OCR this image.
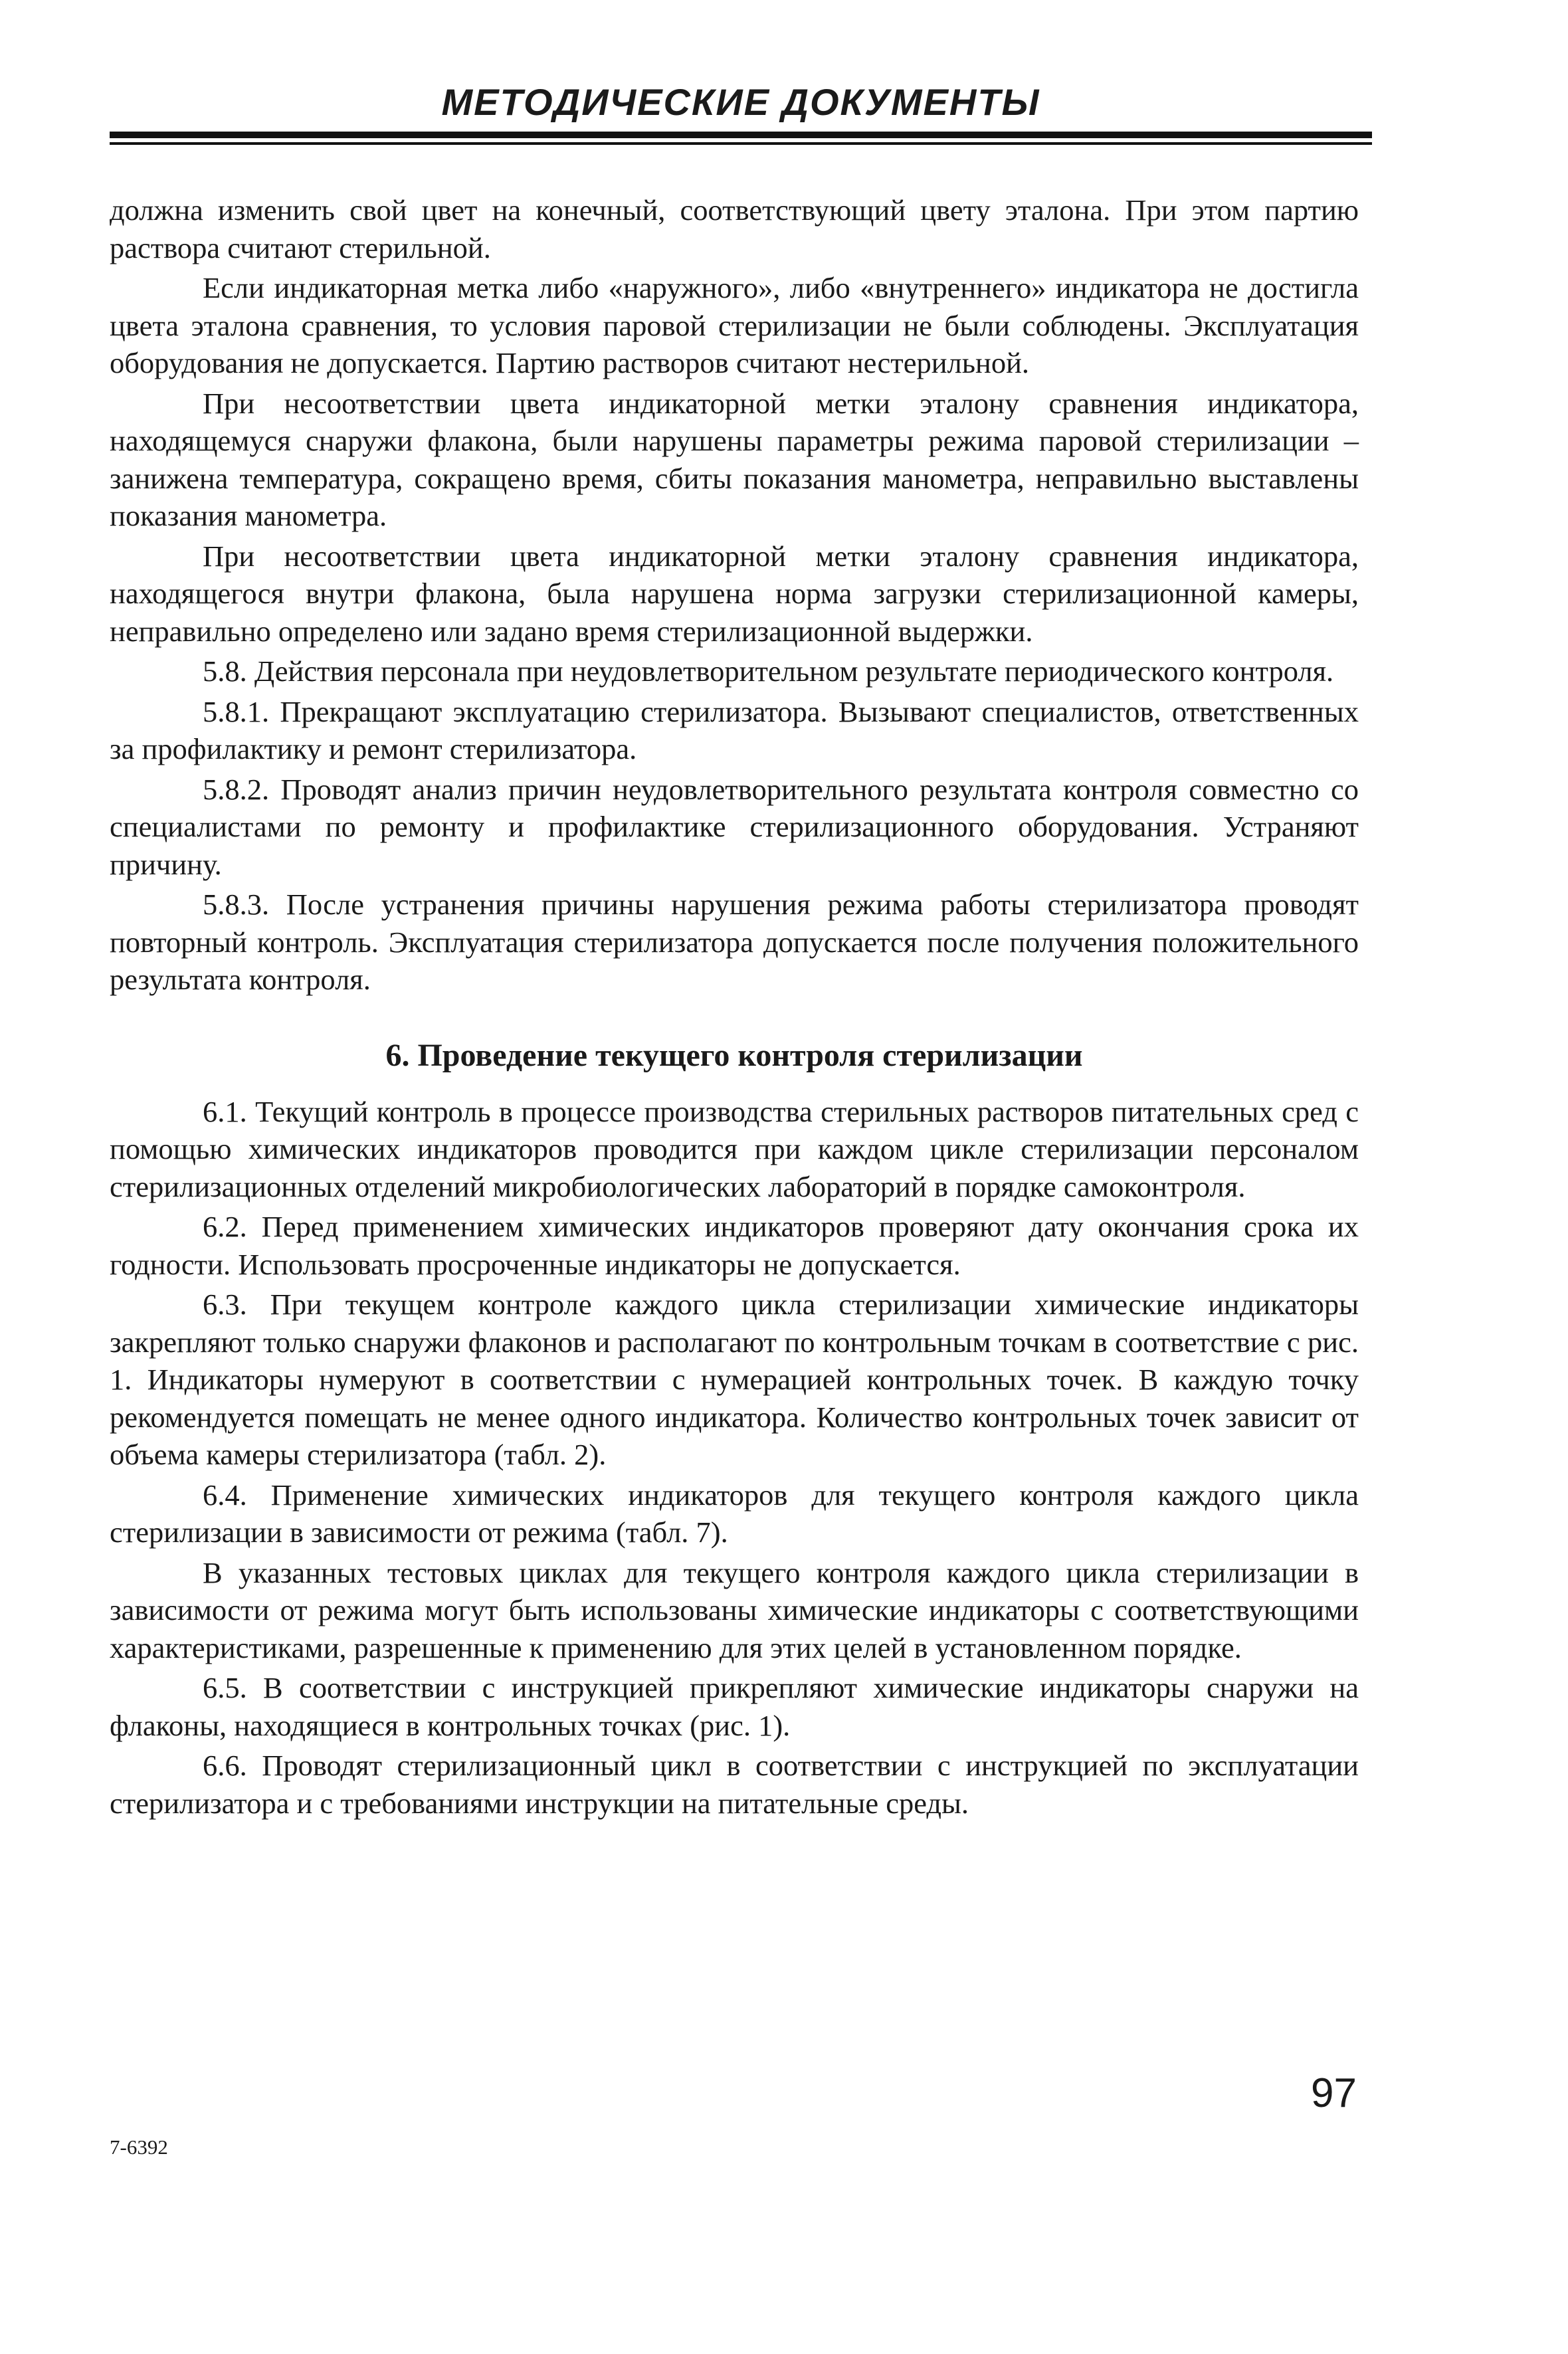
МЕТОДИЧЕСКИЕ ДОКУМЕНТЫ

должна изменить свой цвет на конечный, соответствующий цвету эталона. При этом партию раствора считают стерильной.

Если индикаторная метка либо «наружного», либо «внутреннего» индикатора не достигла цвета эталона сравнения, то условия паровой стерилизации не были соблюдены. Эксплуатация оборудования не допускается. Партию растворов считают нестерильной.

При несоответствии цвета индикаторной метки эталону сравнения индикатора, находящемуся снаружи флакона, были нарушены параметры режима паровой стерилизации – занижена температура, сокращено время, сбиты показания манометра, неправильно выставлены показания манометра.

При несоответствии цвета индикаторной метки эталону сравнения индикатора, находящегося внутри флакона, была нарушена норма загрузки стерилизационной камеры, неправильно определено или задано время стерилизационной выдержки.

5.8. Действия персонала при неудовлетворительном результате периодического контроля.

5.8.1. Прекращают эксплуатацию стерилизатора. Вызывают специалистов, ответственных за профилактику и ремонт стерилизатора.

5.8.2. Проводят анализ причин неудовлетворительного результата контроля совместно со специалистами по ремонту и профилактике стерилизационного оборудования. Устраняют причину.

5.8.3. После устранения причины нарушения режима работы стерилизатора проводят повторный контроль. Эксплуатация стерилизатора допускается после получения положительного результата контроля.

6. Проведение текущего контроля стерилизации

6.1. Текущий контроль в процессе производства стерильных растворов питательных сред с помощью химических индикаторов проводится при каждом цикле стерилизации персоналом стерилизационных отделений микробиологических лабораторий в порядке самоконтроля.

6.2. Перед применением химических индикаторов проверяют дату окончания срока их годности. Использовать просроченные индикаторы не допускается.

6.3. При текущем контроле каждого цикла стерилизации химические индикаторы закрепляют только снаружи флаконов и располагают по контрольным точкам в соответствие с рис. 1. Индикаторы нумеруют в соответствии с нумерацией контрольных точек. В каждую точку рекомендуется помещать не менее одного индикатора. Количество контрольных точек зависит от объема камеры стерилизатора (табл. 2).

6.4. Применение химических индикаторов для текущего контроля каждого цикла стерилизации в зависимости от режима (табл. 7).

В указанных тестовых циклах для текущего контроля каждого цикла стерилизации в зависимости от режима могут быть использованы химические индикаторы с соответствующими характеристиками, разрешенные к применению для этих целей в установленном порядке.

6.5. В соответствии с инструкцией прикрепляют химические индикаторы снаружи на флаконы, находящиеся в контрольных точках (рис. 1).

6.6. Проводят стерилизационный цикл в соответствии с инструкцией по эксплуатации стерилизатора и с требованиями инструкции на питательные среды.

7-6392
97
